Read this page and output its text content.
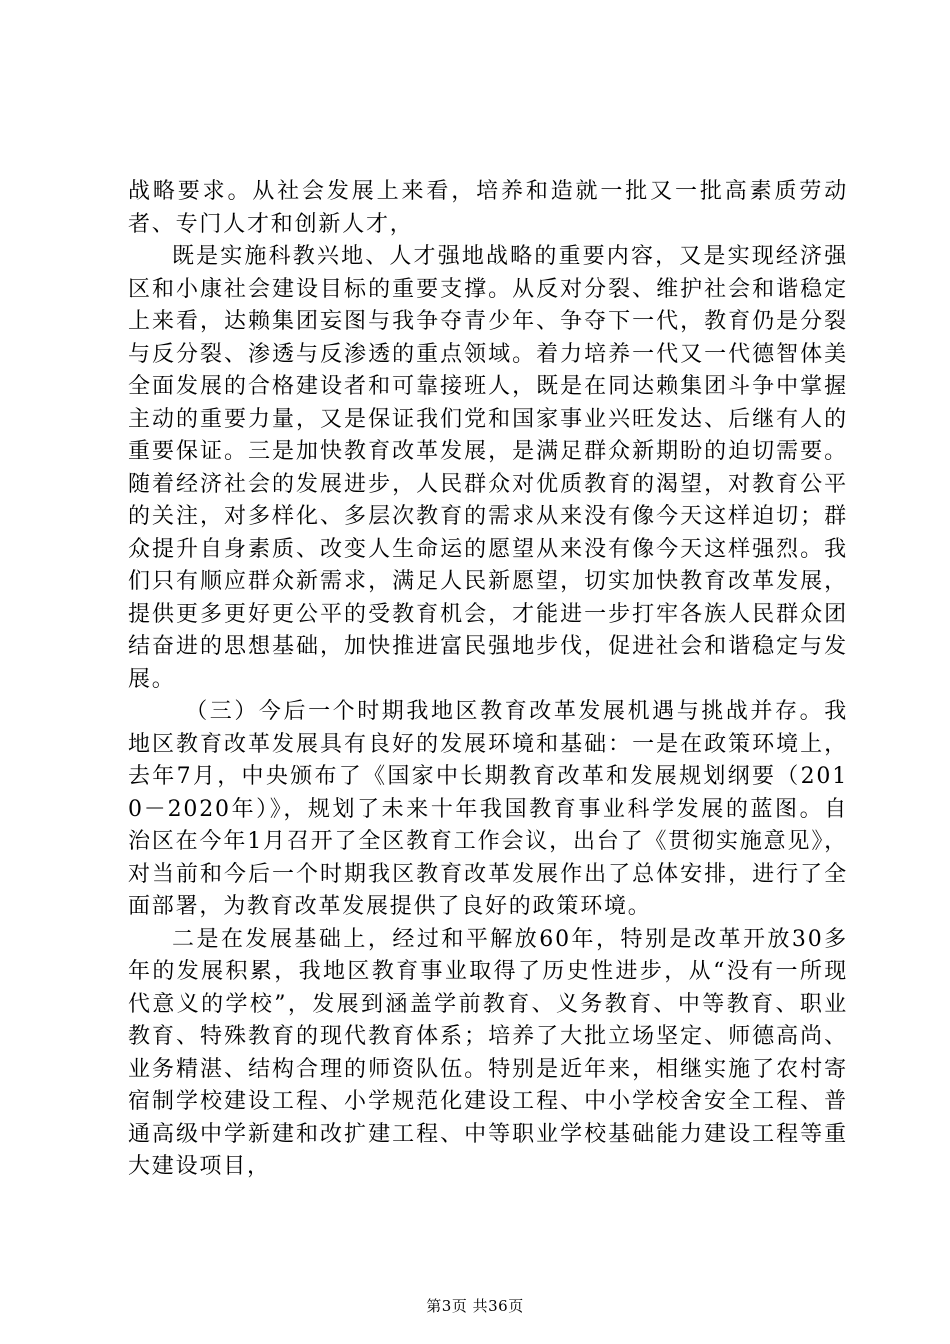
战略要求。从社会发展上来看，培养和造就一批又一批高素质劳动者、专门人才和创新人才，

既是实施科教兴地、人才强地战略的重要内容，又是实现经济强区和小康社会建设目标的重要支撑。从反对分裂、维护社会和谐稳定上来看，达赖集团妄图与我争夺青少年、争夺下一代，教育仍是分裂与反分裂、渗透与反渗透的重点领域。着力培养一代又一代德智体美全面发展的合格建设者和可靠接班人，既是在同达赖集团斗争中掌握主动的重要力量，又是保证我们党和国家事业兴旺发达、后继有人的重要保证。三是加快教育改革发展，是满足群众新期盼的迫切需要。随着经济社会的发展进步，人民群众对优质教育的渴望，对教育公平的关注，对多样化、多层次教育的需求从来没有像今天这样迫切；群众提升自身素质、改变人生命运的愿望从来没有像今天这样强烈。我们只有顺应群众新需求，满足人民新愿望，切实加快教育改革发展，提供更多更好更公平的受教育机会，才能进一步打牢各族人民群众团结奋进的思想基础，加快推进富民强地步伐，促进社会和谐稳定与发展。

（三）今后一个时期我地区教育改革发展机遇与挑战并存。我地区教育改革发展具有良好的发展环境和基础：一是在政策环境上，去年7月，中央颁布了《国家中长期教育改革和发展规划纲要（2010－2020年）》，规划了未来十年我国教育事业科学发展的蓝图。自治区在今年1月召开了全区教育工作会议，出台了《贯彻实施意见》，对当前和今后一个时期我区教育改革发展作出了总体安排，进行了全面部署，为教育改革发展提供了良好的政策环境。

二是在发展基础上，经过和平解放60年，特别是改革开放30多年的发展积累，我地区教育事业取得了历史性进步，从“没有一所现代意义的学校”，发展到涵盖学前教育、义务教育、中等教育、职业教育、特殊教育的现代教育体系；培养了大批立场坚定、师德高尚、业务精湛、结构合理的师资队伍。特别是近年来，相继实施了农村寄宿制学校建设工程、小学规范化建设工程、中小学校舍安全工程、普通高级中学新建和改扩建工程、中等职业学校基础能力建设工程等重大建设项目，

第3页 共36页
